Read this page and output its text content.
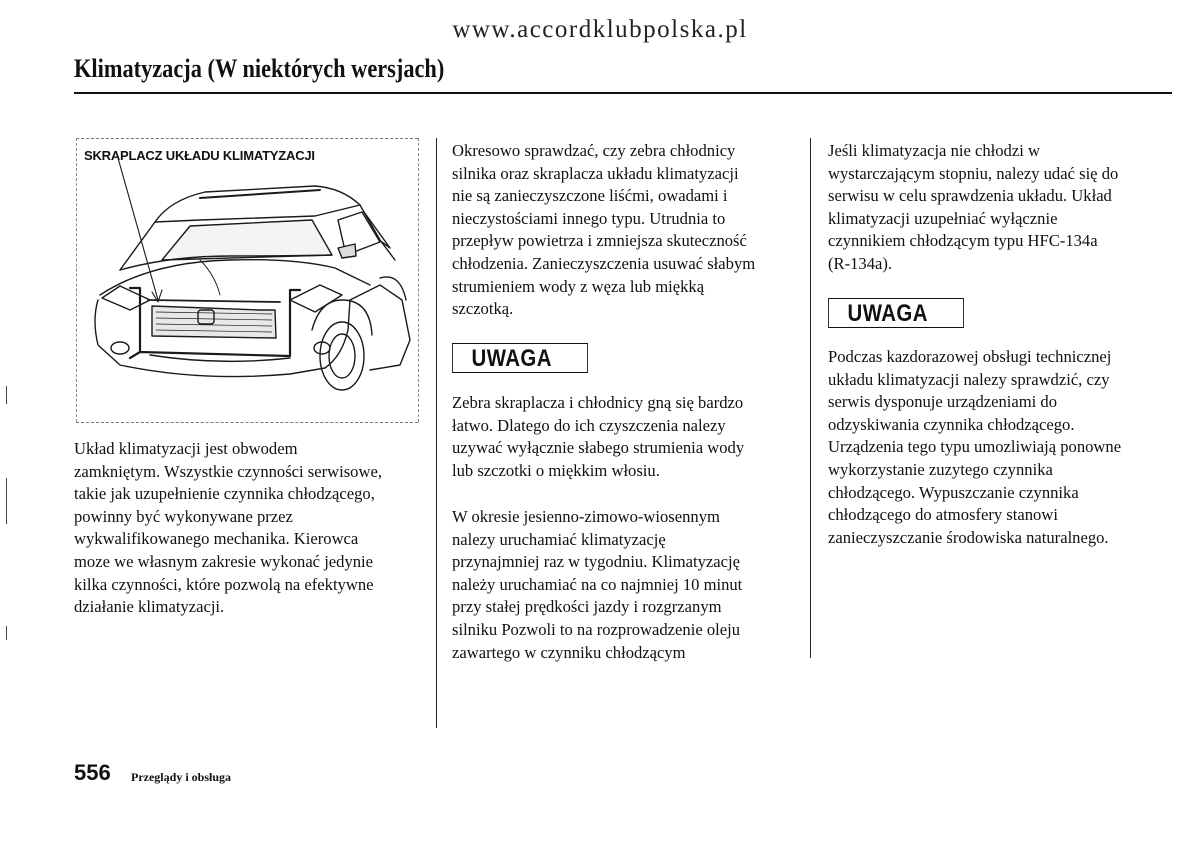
www.accordklubpolska.pl
Klimatyzacja (W niektórych wersjach)
SKRAPLACZ UKŁADU KLIMATYZACJI

Układ klimatyzacji jest obwodem
zamkniętym. Wszystkie czynności serwisowe,
takie jak uzupełnienie czynnika chłodzącego,
powinny być wykonywane przez
wykwalifikowanego mechanika. Kierowca
moze we własnym zakresie wykonać jedynie
kilka czynności, które pozwolą na efektywne
działanie klimatyzacji.

Okresowo sprawdzać, czy zebra chłodnicy
silnika oraz skraplacza układu klimatyzacji
nie są zanieczyszczone liśćmi, owadami i
nieczystościami innego typu. Utrudnia to
przepływ powietrza i zmniejsza skuteczność
chłodzenia. Zanieczyszczenia usuwać słabym
strumieniem wody z węza lub miękką
szczotką.

UWAGA

Zebra skraplacza i chłodnicy gną się bardzo
łatwo. Dlatego do ich czyszczenia nalezy
uzywać wyłącznie słabego strumienia wody
lub szczotki o miękkim włosiu.

W okresie jesienno-zimowo-wiosennym
nalezy uruchamiać klimatyzację
przynajmniej raz w tygodniu. Klimatyzację
należy uruchamiać na co najmniej 10 minut
przy stałej prędkości jazdy i rozgrzanym
silniku Pozwoli to na rozprowadzenie oleju
zawartego w czynniku chłodzącym

Jeśli klimatyzacja nie chłodzi w
wystarczającym stopniu, nalezy udać się do
serwisu w celu sprawdzenia układu. Układ
klimatyzacji uzupełniać wyłącznie
czynnikiem chłodzącym typu HFC-134a
(R-134a).

UWAGA

Podczas kazdorazowej obsługi technicznej
układu klimatyzacji nalezy sprawdzić, czy
serwis dysponuje urządzeniami do
odzyskiwania czynnika chłodzącego.
Urządzenia tego typu umozliwiają ponowne
wykorzystanie zuzytego czynnika
chłodzącego. Wypuszczanie czynnika
chłodzącego do atmosfery stanowi
zanieczyszczanie środowiska naturalnego.

556 Przeglądy i obsługa
